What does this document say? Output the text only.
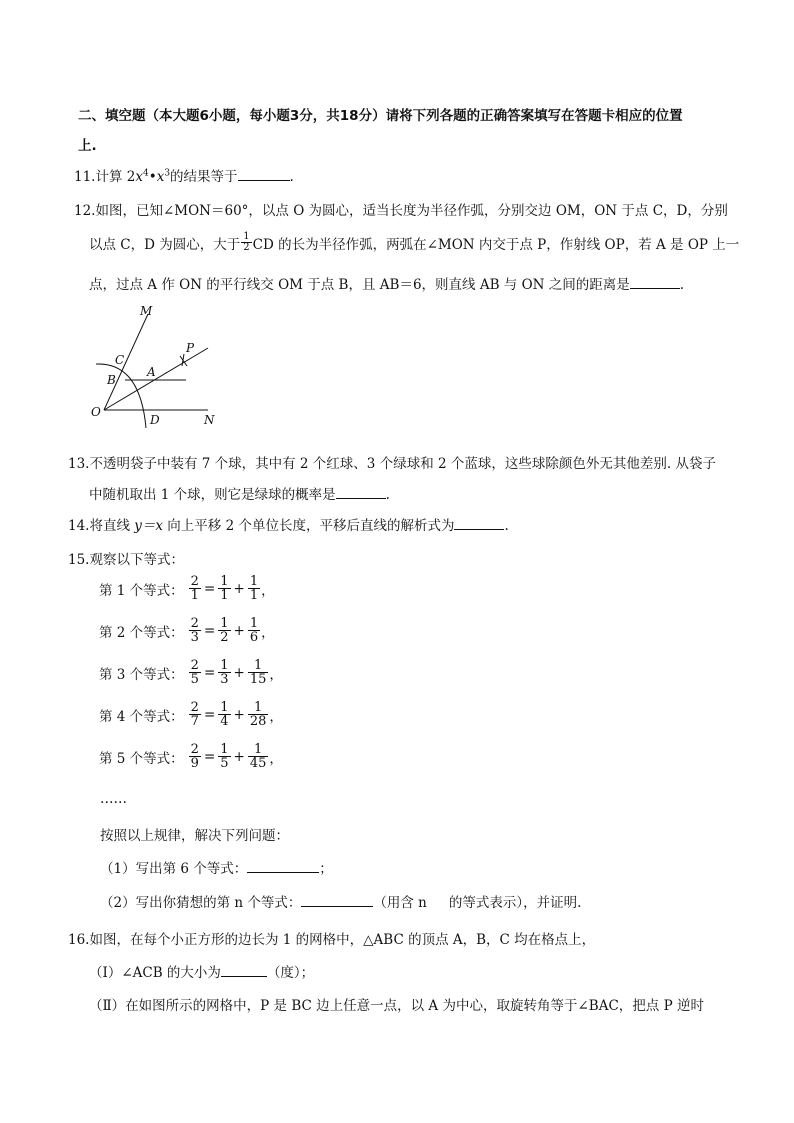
二、填空题（本大题6小题，每小题3分，共18分）请将下列各题的正确答案填写在答题卡相应的位置
上.
11.计算 $2x^4•x^3$的结果等于	.
12.如图，已知∠MON＝60°，以点 O 为圆心，适当长度为半径作弧，分别交边 OM，ON 于点 C，D，分别
以点 C，D 为圆心，大于 $\frac{1}{2}$ CD 的长为半径作弧，两弧在∠MON 内交于点 P，作射线 OP，若 A 是 OP 上一
点，过点 A 作 ON 的平行线交 OM 于点 B，且 AB＝6，则直线 AB 与 ON 之间的距离是	.
M
C
B
A
P
O
D	N
13.不透明袋子中装有 7 个球，其中有 2 个红球、3 个绿球和 2 个蓝球，这些球除颜色外无其他差别. 从袋子
中随机取出 1 个球，则它是绿球的概率是	.
14.将直线 y＝x 向上平移 2 个单位长度，平移后直线的解析式为	.
15.观察以下等式：
第 1 个等式： $\frac{2}{1} = \frac{1}{1} + \frac{1}{1}$ ，
第 2 个等式： $\frac{2}{3} = \frac{1}{2} + \frac{1}{6}$ ，
第 3 个等式： $\frac{2}{5} = \frac{1}{3} + \frac{1}{15}$ ，
第 4 个等式： $\frac{2}{7} = \frac{1}{4} + \frac{1}{28}$ ，
第 5 个等式： $\frac{2}{9} = \frac{1}{5} + \frac{1}{45}$ ，
……
按照以上规律，解决下列问题：
（1）写出第 6 个等式：	；
（2）写出你猜想的第 n 个等式：	（用含 n 的等式表示），并证明.
16.如图，在每个小正方形的边长为 1 的网格中，△ABC 的顶点 A，B，C 均在格点上，
（I）∠ACB 的大小为	（度）；
（Ⅱ）在如图所示的网格中，P 是 BC 边上任意一点，以 A 为中心，取旋转角等于∠BAC，把点 P 逆时
